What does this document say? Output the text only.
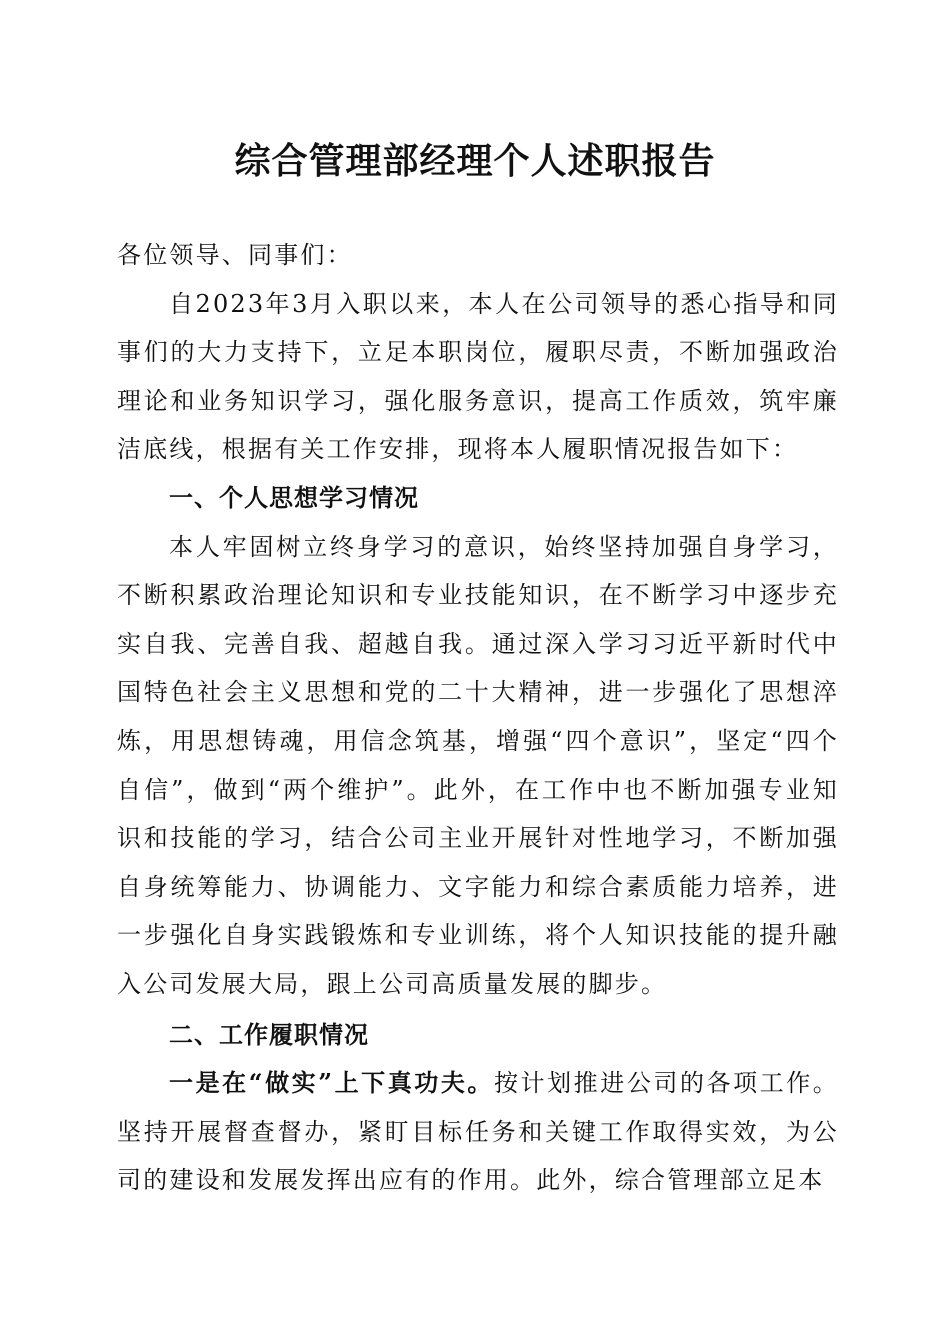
综合管理部经理个人述职报告

各位领导、同事们：

自2023年3月入职以来，本人在公司领导的悉心指导和同事们的大力支持下，立足本职岗位，履职尽责，不断加强政治理论和业务知识学习，强化服务意识，提高工作质效，筑牢廉洁底线，根据有关工作安排，现将本人履职情况报告如下：

一、个人思想学习情况

本人牢固树立终身学习的意识，始终坚持加强自身学习，不断积累政治理论知识和专业技能知识，在不断学习中逐步充实自我、完善自我、超越自我。通过深入学习习近平新时代中国特色社会主义思想和党的二十大精神，进一步强化了思想淬炼，用思想铸魂，用信念筑基，增强“四个意识”，坚定“四个自信”，做到“两个维护”。此外，在工作中也不断加强专业知识和技能的学习，结合公司主业开展针对性地学习，不断加强自身统筹能力、协调能力、文字能力和综合素质能力培养，进一步强化自身实践锻炼和专业训练，将个人知识技能的提升融入公司发展大局，跟上公司高质量发展的脚步。

二、工作履职情况

一是在“做实”上下真功夫。按计划推进公司的各项工作。坚持开展督查督办，紧盯目标任务和关键工作取得实效，为公司的建设和发展发挥出应有的作用。此外，综合管理部立足本
